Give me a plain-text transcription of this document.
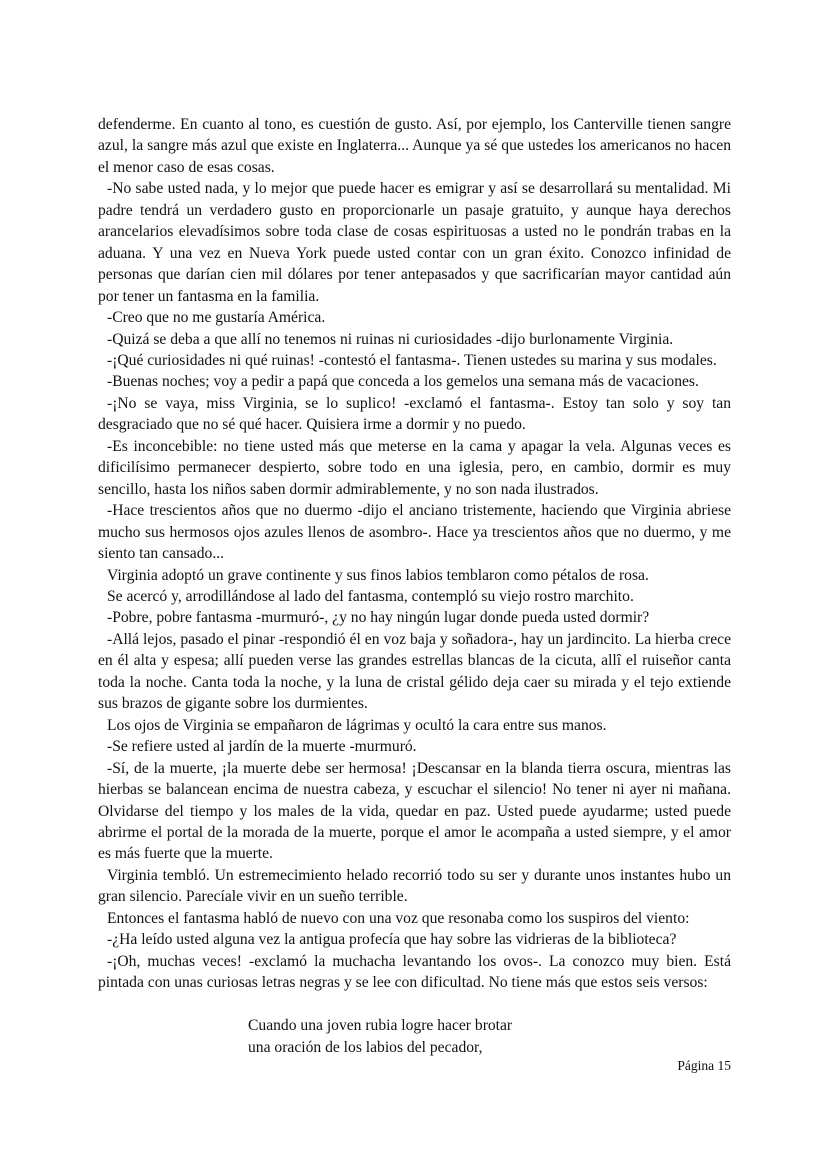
defenderme. En cuanto al tono, es cuestión de gusto. Así, por ejemplo, los Canterville tienen sangre azul, la sangre más azul que existe en Inglaterra... Aunque ya sé que ustedes los americanos no hacen el menor caso de esas cosas.

-No sabe usted nada, y lo mejor que puede hacer es emigrar y así se desarrollará su mentalidad. Mi padre tendrá un verdadero gusto en proporcionarle un pasaje gratuito, y aunque haya derechos arancelarios elevadísimos sobre toda clase de cosas espirituosas a usted no le pondrán trabas en la aduana. Y una vez en Nueva York puede usted contar con un gran éxito. Conozco infinidad de personas que darían cien mil dólares por tener antepasados y que sacrificarían mayor cantidad aún por tener un fantasma en la familia.

-Creo que no me gustaría América.

-Quizá se deba a que allí no tenemos ni ruinas ni curiosidades -dijo burlonamente Virginia.

-¡Qué curiosidades ni qué ruinas! -contestó el fantasma-. Tienen ustedes su marina y sus modales.

-Buenas noches; voy a pedir a papá que conceda a los gemelos una semana más de vacaciones.

-¡No se vaya, miss Virginia, se lo suplico! -exclamó el fantasma-. Estoy tan solo y soy tan desgraciado que no sé qué hacer. Quisiera irme a dormir y no puedo.

-Es inconcebible: no tiene usted más que meterse en la cama y apagar la vela. Algunas veces es dificilísimo permanecer despierto, sobre todo en una iglesia, pero, en cambio, dormir es muy sencillo, hasta los niños saben dormir admirablemente, y no son nada ilustrados.

-Hace trescientos años que no duermo -dijo el anciano tristemente, haciendo que Virginia abriese mucho sus hermosos ojos azules llenos de asombro-. Hace ya trescientos años que no duermo, y me siento tan cansado...

Virginia adoptó un grave continente y sus finos labios temblaron como pétalos de rosa.

Se acercó y, arrodillándose al lado del fantasma, contempló su viejo rostro marchito.

-Pobre, pobre fantasma -murmuró-, ¿y no hay ningún lugar donde pueda usted dormir?

-Allá lejos, pasado el pinar -respondió él en voz baja y soñadora-, hay un jardincito. La hierba crece en él alta y espesa; allí pueden verse las grandes estrellas blancas de la cicuta, allî el ruiseñor canta toda la noche. Canta toda la noche, y la luna de cristal gélido deja caer su mirada y el tejo extiende sus brazos de gigante sobre los durmientes.

Los ojos de Virginia se empañaron de lágrimas y ocultó la cara entre sus manos.

-Se refiere usted al jardín de la muerte -murmuró.

-Sí, de la muerte, ¡la muerte debe ser hermosa! ¡Descansar en la blanda tierra oscura, mientras las hierbas se balancean encima de nuestra cabeza, y escuchar el silencio! No tener ni ayer ni mañana. Olvidarse del tiempo y los males de la vida, quedar en paz. Usted puede ayudarme; usted puede abrirme el portal de la morada de la muerte, porque el amor le acompaña a usted siempre, y el amor es más fuerte que la muerte.

Virginia tembló. Un estremecimiento helado recorrió todo su ser y durante unos instantes hubo un gran silencio. Parecíale vivir en un sueño terrible.

Entonces el fantasma habló de nuevo con una voz que resonaba como los suspiros del viento:

-¿Ha leído usted alguna vez la antigua profecía que hay sobre las vidrieras de la biblioteca?

-¡Oh, muchas veces! -exclamó la muchacha levantando los ovos-. La conozco muy bien. Está pintada con unas curiosas letras negras y se lee con dificultad. No tiene más que estos seis versos:

Cuando una joven rubia logre hacer brotar
una oración de los labios del pecador,
Página 15
